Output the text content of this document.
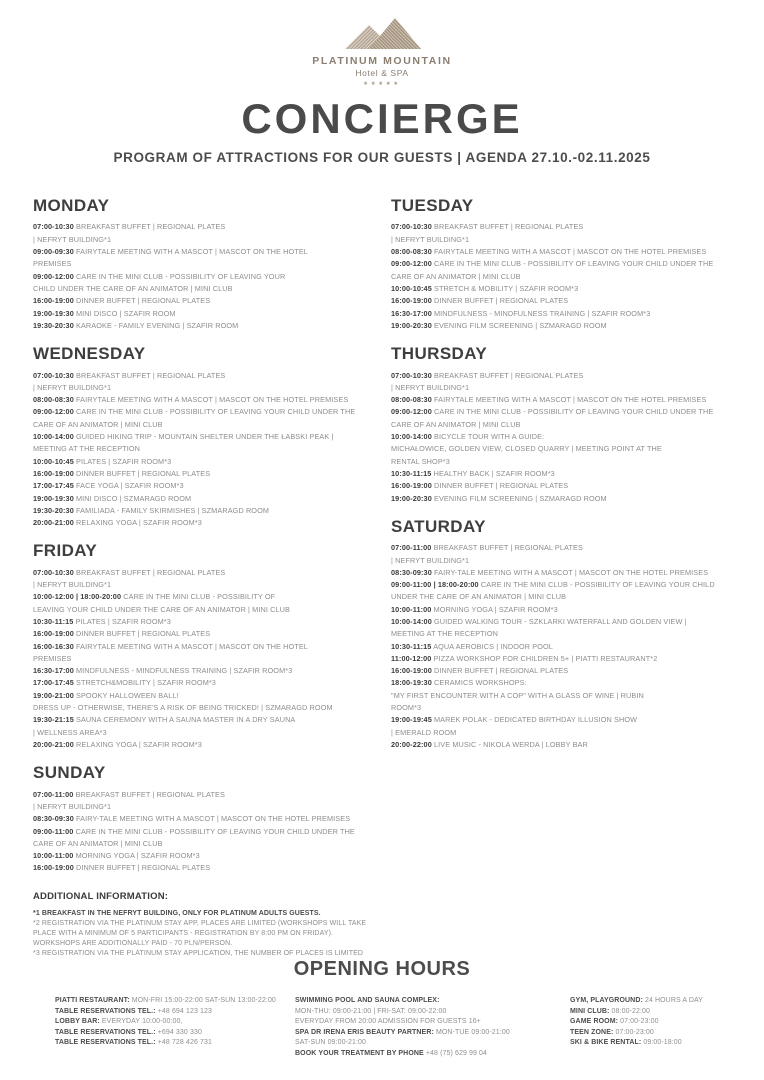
PLATINUM MOUNTAIN
Hotel & SPA
★★★★★
CONCIERGE
PROGRAM OF ATTRACTIONS FOR OUR GUESTS | AGENDA 27.10.-02.11.2025
MONDAY

07:00-10:30 BREAKFAST BUFFET | REGIONAL PLATES
| NEFRYT BUILDING*1

09:00-09:30 FAIRYTALE MEETING WITH A MASCOT | MASCOT ON THE HOTEL
PREMISES

09:00-12:00 CARE IN THE MINI CLUB - POSSIBILITY OF LEAVING YOUR
CHILD UNDER THE CARE OF AN ANIMATOR | MINI CLUB

16:00-19:00 DINNER BUFFET | REGIONAL PLATES

19:00-19:30 MINI DISCO | SZAFIR ROOM

19:30-20:30 KARAOKE - FAMILY EVENING | SZAFIR ROOM

WEDNESDAY

07:00-10:30 BREAKFAST BUFFET | REGIONAL PLATES
| NEFRYT BUILDING*1

08:00-08:30 FAIRYTALE MEETING WITH A MASCOT | MASCOT ON THE HOTEL PREMISES

09:00-12:00 CARE IN THE MINI CLUB - POSSIBILITY OF LEAVING YOUR CHILD UNDER THE
CARE OF AN ANIMATOR | MINI CLUB

10:00-14:00 GUIDED HIKING TRIP - MOUNTAIN SHELTER UNDER THE ŁABSKI PEAK |
MEETING AT THE RECEPTION

10:00-10:45 PILATES | SZAFIR ROOM*3

16:00-19:00 DINNER BUFFET | REGIONAL PLATES

17:00-17:45 FACE YOGA | SZAFIR ROOM*3

19:00-19:30 MINI DISCO | SZMARAGD ROOM

19:30-20:30 FAMILIADA - FAMILY SKIRMISHES | SZMARAGD ROOM

20:00-21:00 RELAXING YOGA | SZAFIR ROOM*3

FRIDAY

07:00-10:30 BREAKFAST BUFFET | REGIONAL PLATES
| NEFRYT BUILDING*1

10:00-12:00 | 18:00-20:00 CARE IN THE MINI CLUB - POSSIBILITY OF
LEAVING YOUR CHILD UNDER THE CARE OF AN ANIMATOR | MINI CLUB

10:30-11:15 PILATES | SZAFIR ROOM*3

16:00-19:00 DINNER BUFFET | REGIONAL PLATES

16:00-16:30 FAIRYTALE MEETING WITH A MASCOT | MASCOT ON THE HOTEL
PREMISES

16:30-17:00 MINDFULNESS - MINDFULNESS TRAINING | SZAFIR ROOM*3

17:00-17:45 STRETCH&MOBILITY | SZAFIR ROOM*3

19:00-21:00 SPOOKY HALLOWEEN BALL!
DRESS UP - OTHERWISE, THERE'S A RISK OF BEING TRICKED! | SZMARAGD ROOM

19:30-21:15 SAUNA CEREMONY WITH A SAUNA MASTER IN A DRY SAUNA
| WELLNESS AREA*3

20:00-21:00 RELAXING YOGA | SZAFIR ROOM*3

SUNDAY

07:00-11:00 BREAKFAST BUFFET | REGIONAL PLATES
| NEFRYT BUILDING*1

08:30-09:30 FAIRY-TALE MEETING WITH A MASCOT | MASCOT ON THE HOTEL PREMISES

09:00-11:00 CARE IN THE MINI CLUB - POSSIBILITY OF LEAVING YOUR CHILD UNDER THE
CARE OF AN ANIMATOR | MINI CLUB

10:00-11:00 MORNING YOGA | SZAFIR ROOM*3

16:00-19:00 DINNER BUFFET | REGIONAL PLATES

ADDITIONAL INFORMATION:

*1 BREAKFAST IN THE NEFRYT BUILDING, ONLY FOR PLATINUM ADULTS GUESTS.

*2 REGISTRATION VIA THE PLATINUM STAY APP, PLACES ARE LIMITED (WORKSHOPS WILL TAKE
PLACE WITH A MINIMUM OF 5 PARTICIPANTS - REGISTRATION BY 8:00 PM ON FRIDAY).
WORKSHOPS ARE ADDITIONALLY PAID - 70 PLN/PERSON.

*3 REGISTRATION VIA THE PLATINUM STAY APPLICATION, THE NUMBER OF PLACES IS LIMITED

TUESDAY

07:00-10:30 BREAKFAST BUFFET | REGIONAL PLATES
| NEFRYT BUILDING*1

08:00-08:30 FAIRYTALE MEETING WITH A MASCOT | MASCOT ON THE HOTEL PREMISES

09:00-12:00 CARE IN THE MINI CLUB - POSSIBILITY OF LEAVING YOUR CHILD UNDER THE
CARE OF AN ANIMATOR | MINI CLUB

10:00-10:45 STRETCH & MOBILITY | SZAFIR ROOM*3

16:00-19:00 DINNER BUFFET | REGIONAL PLATES

16:30-17:00 MINDFULNESS - MINDFULNESS TRAINING | SZAFIR ROOM*3

19:00-20:30 EVENING FILM SCREENING | SZMARAGD ROOM

THURSDAY

07:00-10:30 BREAKFAST BUFFET | REGIONAL PLATES
| NEFRYT BUILDING*1

08:00-08:30 FAIRYTALE MEETING WITH A MASCOT | MASCOT ON THE HOTEL PREMISES

09:00-12:00 CARE IN THE MINI CLUB - POSSIBILITY OF LEAVING YOUR CHILD UNDER THE
CARE OF AN ANIMATOR | MINI CLUB

10:00-14:00 BICYCLE TOUR WITH A GUIDE:
MICHAŁOWICE, GOLDEN VIEW, CLOSED QUARRY | MEETING POINT AT THE
RENTAL SHOP*3

10:30-11:15 HEALTHY BACK | SZAFIR ROOM*3

16:00-19:00 DINNER BUFFET | REGIONAL PLATES

19:00-20:30 EVENING FILM SCREENING | SZMARAGD ROOM

SATURDAY

07:00-11:00 BREAKFAST BUFFET | REGIONAL PLATES
| NEFRYT BUILDING*1

08:30-09:30 FAIRY-TALE MEETING WITH A MASCOT | MASCOT ON THE HOTEL PREMISES

09:00-11:00 | 18:00-20:00 CARE IN THE MINI CLUB - POSSIBILITY OF LEAVING YOUR CHILD
UNDER THE CARE OF AN ANIMATOR | MINI CLUB

10:00-11:00 MORNING YOGA | SZAFIR ROOM*3

10:00-14:00 GUIDED WALKING TOUR - SZKLARKI WATERFALL AND GOLDEN VIEW |
MEETING AT THE RECEPTION

10:30-11:15 AQUA AEROBICS | INDOOR POOL

11:00-12:00 PIZZA WORKSHOP FOR CHILDREN 5+ | PIATTI RESTAURANT*2

16:00-19:00 DINNER BUFFET | REGIONAL PLATES

18:00-19:30 CERAMICS WORKSHOPS:
"MY FIRST ENCOUNTER WITH A COP" WITH A GLASS OF WINE | RUBIN
ROOM*3

19:00-19:45 MAREK POLAK - DEDICATED BIRTHDAY ILLUSION SHOW
| EMERALD ROOM

20:00-22:00 LIVE MUSIC - NIKOLA WERDA | LOBBY BAR

OPENING HOURS

PIATTI RESTAURANT: MON-FRI 15:00-22:00 SAT-SUN 13:00-22:00

TABLE RESERVATIONS TEL.: +48 694 123 123

LOBBY BAR: EVERYDAY 10:00-00:00,

TABLE RESERVATIONS TEL.: +694 330 330

TABLE RESERVATIONS TEL.: +48 728 426 731

SWIMMING POOL AND SAUNA COMPLEX:

MON-THU: 09:00-21:00 | FRI-SAT: 09:00-22:00

EVERYDAY FROM 20:00 ADMISSION FOR GUESTS 16+

SPA DR IRENA ERIS BEAUTY PARTNER: MON-TUE 09:00-21:00

SAT-SUN 09:00-21:00

BOOK YOUR TREATMENT BY PHONE +48 (75) 629 99 04

GYM, PLAYGROUND: 24 HOURS A DAY

MINI CLUB: 08:00-22:00

GAME ROOM: 07:00-23:00

TEEN ZONE: 07:00-23:00

SKI & BIKE RENTAL: 09:00-18:00
